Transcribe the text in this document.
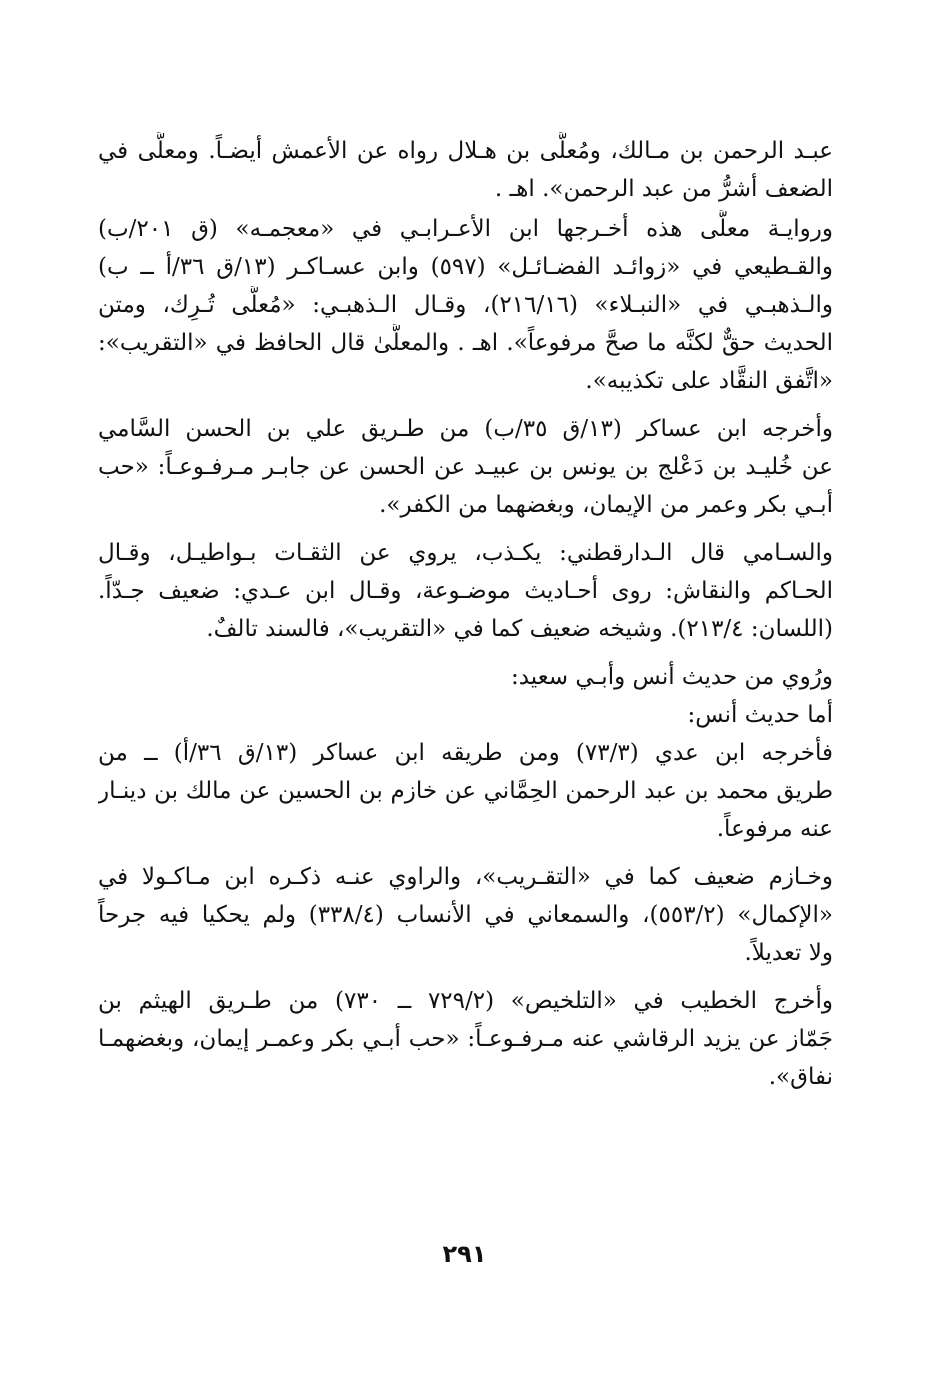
عبـد الرحمن بن مـالك، ومُعلَّى بن هـلال رواه عن الأعمش أيضـاً. ومعلَّى في
الضعف أشرُّ من عبد الرحمن». اهـ .
وروايـة معلَّى هذه أخـرجها ابن الأعـرابـي في «معجمـه» (ق ٢٠١/ب)
والقـطيعي في «زوائـد الفضـائـل» (٥٩٧) وابن عسـاكـر (١٣/ق ٣٦/أ ــ ب)
والـذهبـي في «النبـلاء» (٢١٦/١٦)، وقـال الـذهبـي: «مُعلَّى تُـرِك، ومتن
الحديث حقٌّ لكنَّه ما صحَّ مرفوعاً». اهـ . والمعلَّىٰ قال الحافظ في «التقريب»:
«اتَّفق النقَّاد على تكذيبه».
وأخرجه ابن عساكر (١٣/ق ٣٥/ب) من طـريق علي بن الحسن السَّامي
عن خُليـد بن دَعْلج بن يونس بن عبيـد عن الحسن عن جابـر مـرفـوعـاً: «حب
أبـي بكر وعمر من الإيمان، وبغضهما من الكفر».
والسـامي قال الـدارقطني: يكـذب، يروي عن الثقـات بـواطيـل، وقـال
الحـاكم والنقاش: روى أحـاديث موضـوعة، وقـال ابن عـدي: ضعيف جـدّاً.
(اللسان: ٢١٣/٤). وشيخه ضعيف كما في «التقريب»، فالسند تالفٌ.
ورُوي من حديث أنس وأبـي سعيد:
أما حديث أنس:
فأخرجه ابن عدي (٧٣/٣) ومن طريقه ابن عساكر (١٣/ق ٣٦/أ) ــ من
طريق محمد بن عبد الرحمن الحِمَّاني عن خازم بن الحسين عن مالك بن دينـار
عنه مرفوعاً.
وخـازم ضعيف كما في «التقـريب»، والراوي عنـه ذكـره ابن مـاكـولا في
«الإكمال» (٥٥٣/٢)، والسمعاني في الأنساب (٣٣٨/٤) ولم يحكيا فيه جرحاً
ولا تعديلاً.
وأخرج الخطيب في «التلخيص» (٧٢٩/٢ ــ ٧٣٠) من طـريق الهيثم بن
جَمّاز عن يزيد الرقاشي عنه مـرفـوعـاً: «حب أبـي بكر وعمـر إيمان، وبغضهمـا
نفاق».
٢٩١
